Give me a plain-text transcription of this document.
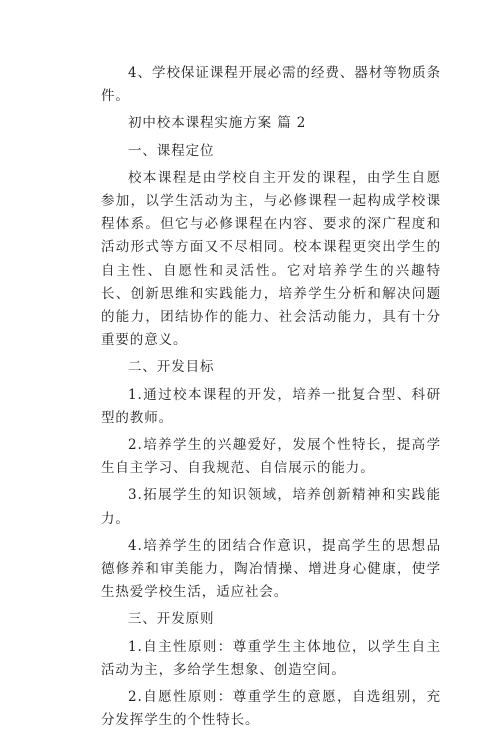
4、学校保证课程开展必需的经费、器材等物质条件。

初中校本课程实施方案 篇 2

一、课程定位

校本课程是由学校自主开发的课程，由学生自愿参加，以学生活动为主，与必修课程一起构成学校课程体系。但它与必修课程在内容、要求的深广程度和活动形式等方面又不尽相同。校本课程更突出学生的自主性、自愿性和灵活性。它对培养学生的兴趣特长、创新思维和实践能力，培养学生分析和解决问题的能力，团结协作的能力、社会活动能力，具有十分重要的意义。

二、开发目标

1.通过校本课程的开发，培养一批复合型、科研型的教师。

2.培养学生的兴趣爱好，发展个性特长，提高学生自主学习、自我规范、自信展示的能力。

3.拓展学生的知识领域，培养创新精神和实践能力。

4.培养学生的团结合作意识，提高学生的思想品德修养和审美能力，陶冶情操、增进身心健康，使学生热爱学校生活，适应社会。

三、开发原则

1.自主性原则：尊重学生主体地位，以学生自主活动为主，多给学生想象、创造空间。

2.自愿性原则：尊重学生的意愿，自选组别，充分发挥学生的个性特长。
